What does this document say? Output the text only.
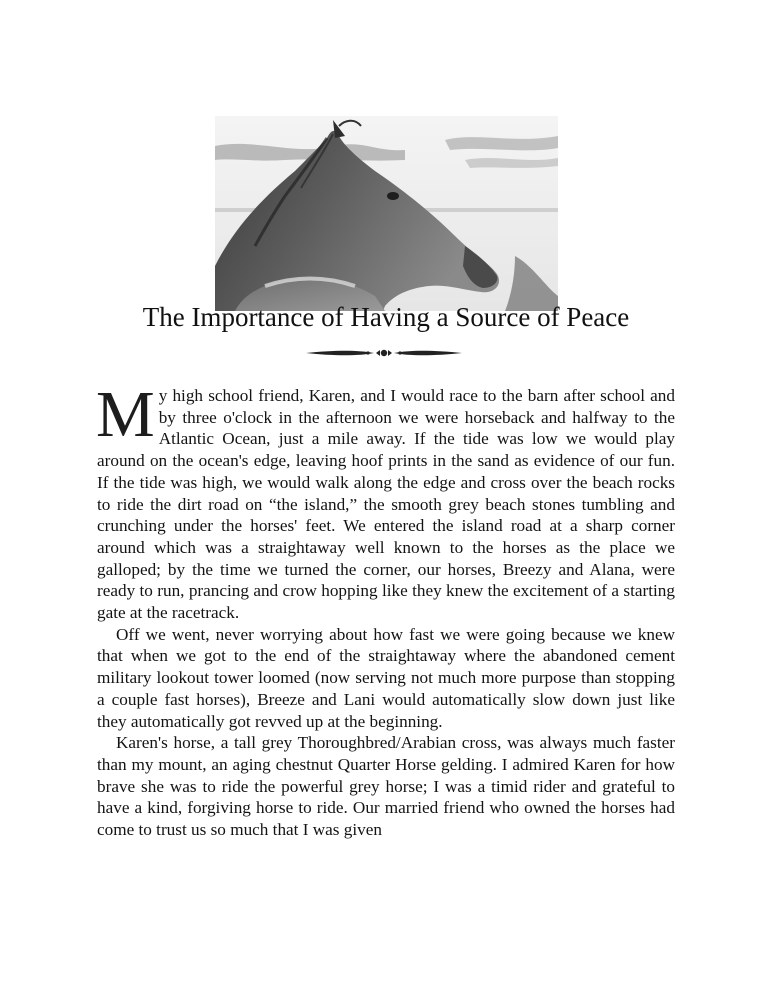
The Importance of Having a Source of Peace

My high school friend, Karen, and I would race to the barn after school and by three o'clock in the afternoon we were horseback and halfway to the Atlantic Ocean, just a mile away. If the tide was low we would play around on the ocean's edge, leaving hoof prints in the sand as evidence of our fun. If the tide was high, we would walk along the edge and cross over the beach rocks to ride the dirt road on “the island,” the smooth grey beach stones tumbling and crunching under the horses' feet. We entered the island road at a sharp corner around which was a straightaway well known to the horses as the place we galloped; by the time we turned the corner, our horses, Breezy and Alana, were ready to run, prancing and crow hopping like they knew the excitement of a starting gate at the racetrack.

Off we went, never worrying about how fast we were going because we knew that when we got to the end of the straightaway where the abandoned cement military lookout tower loomed (now serving not much more purpose than stopping a couple fast horses), Breeze and Lani would automatically slow down just like they automatically got revved up at the beginning.

Karen's horse, a tall grey Thoroughbred/Arabian cross, was always much faster than my mount, an aging chestnut Quarter Horse gelding. I admired Karen for how brave she was to ride the powerful grey horse; I was a timid rider and grateful to have a kind, forgiving horse to ride. Our married friend who owned the horses had come to trust us so much that I was given
